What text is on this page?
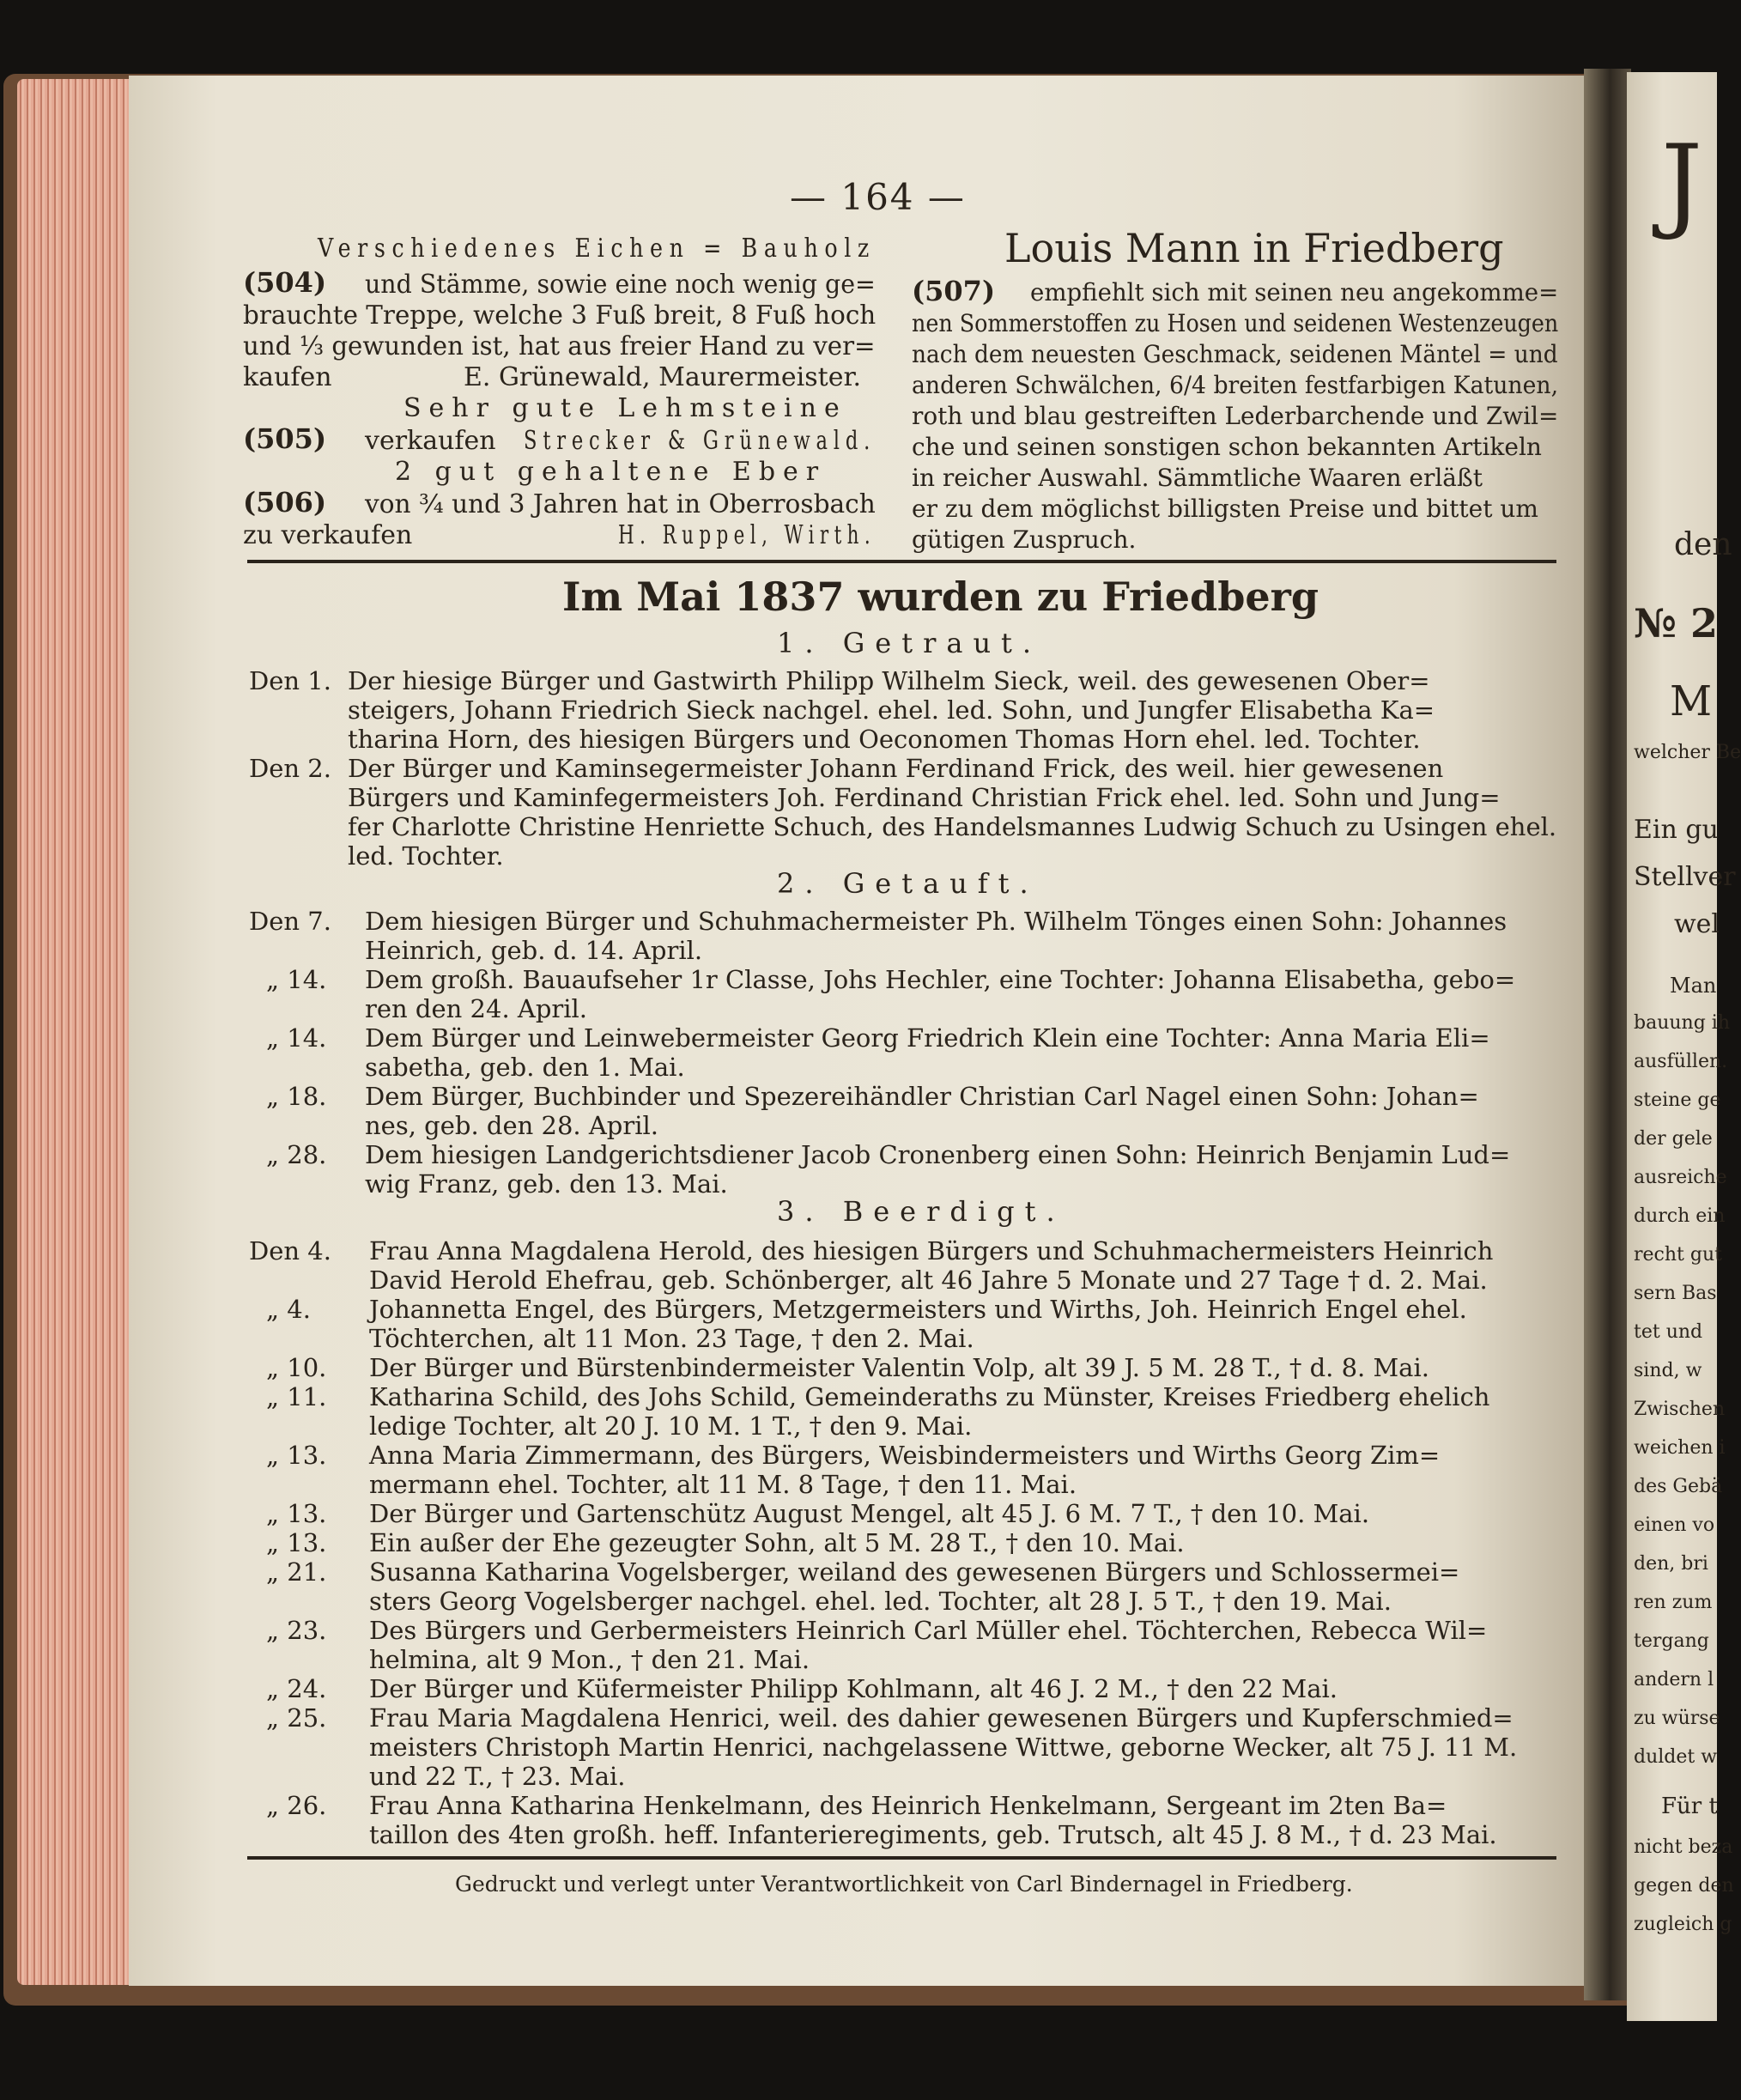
J
den
№ 2
M
welcher Be
Ein gu
Stellver
wel
Man
bauung ih
ausfüllen.
steine ge
der gele
ausreiche
durch ein
recht gut
sern Bas
tet und
sind, w
Zwischen
weichen i
des Gebä
einen vo
den, bri
ren zum
tergang
andern l
zu würse
duldet w
Für t
nicht beza
gegen den
zugleich g
— 164 —
Verschiedenes Eichen = Bauholz
(504) und Stämme, sowie eine noch wenig ge=
brauchte Treppe, welche 3 Fuß breit, 8 Fuß hoch
und ⅓ gewunden ist, hat aus freier Hand zu ver=
kaufen	E. Grünewald, Maurermeister.
Sehr gute Lehmsteine
(505) verkaufen Strecker & Grünewald.
2 gut gehaltene Eber
(506) von ¾ und 3 Jahren hat in Oberrosbach
zu verkaufen	H. Ruppel, Wirth.
Louis Mann in Friedberg
(507) empfiehlt sich mit seinen neu angekomme=
nen Sommerstoffen zu Hosen und seidenen Westenzeugen
nach dem neuesten Geschmack, seidenen Mäntel = und
anderen Schwälchen, 6/4 breiten festfarbigen Katunen,
roth und blau gestreiften Lederbarchende und Zwil=
che und seinen sonstigen schon bekannten Artikeln
in reicher Auswahl. Sämmtliche Waaren erläßt
er zu dem möglichst billigsten Preise und bittet um
gütigen Zuspruch.
Im Mai 1837 wurden zu Friedberg
1. Getraut.
Den 1. Der hiesige Bürger und Gastwirth Philipp Wilhelm Sieck, weil. des gewesenen Ober=
steigers, Johann Friedrich Sieck nachgel. ehel. led. Sohn, und Jungfer Elisabetha Ka=
tharina Horn, des hiesigen Bürgers und Oeconomen Thomas Horn ehel. led. Tochter.
Den 2. Der Bürger und Kaminsegermeister Johann Ferdinand Frick, des weil. hier gewesenen
Bürgers und Kaminfegermeisters Joh. Ferdinand Christian Frick ehel. led. Sohn und Jung=
fer Charlotte Christine Henriette Schuch, des Handelsmannes Ludwig Schuch zu Usingen ehel.
led. Tochter.
2. Getauft.
Den 7. Dem hiesigen Bürger und Schuhmachermeister Ph. Wilhelm Tönges einen Sohn: Johannes
Heinrich, geb. d. 14. April.
„ 14. Dem großh. Bauaufseher 1r Classe, Johs Hechler, eine Tochter: Johanna Elisabetha, gebo=
ren den 24. April.
„ 14. Dem Bürger und Leinwebermeister Georg Friedrich Klein eine Tochter: Anna Maria Eli=
sabetha, geb. den 1. Mai.
„ 18. Dem Bürger, Buchbinder und Spezereihändler Christian Carl Nagel einen Sohn: Johan=
nes, geb. den 28. April.
„ 28. Dem hiesigen Landgerichtsdiener Jacob Cronenberg einen Sohn: Heinrich Benjamin Lud=
wig Franz, geb. den 13. Mai.
3. Beerdigt.
Den 4. Frau Anna Magdalena Herold, des hiesigen Bürgers und Schuhmachermeisters Heinrich
David Herold Ehefrau, geb. Schönberger, alt 46 Jahre 5 Monate und 27 Tage † d. 2. Mai.
„ 4. Johannetta Engel, des Bürgers, Metzgermeisters und Wirths, Joh. Heinrich Engel ehel.
Töchterchen, alt 11 Mon. 23 Tage, † den 2. Mai.
„ 10. Der Bürger und Bürstenbindermeister Valentin Volp, alt 39 J. 5 M. 28 T., † d. 8. Mai.
„ 11. Katharina Schild, des Johs Schild, Gemeinderaths zu Münster, Kreises Friedberg ehelich
ledige Tochter, alt 20 J. 10 M. 1 T., † den 9. Mai.
„ 13. Anna Maria Zimmermann, des Bürgers, Weisbindermeisters und Wirths Georg Zim=
mermann ehel. Tochter, alt 11 M. 8 Tage, † den 11. Mai.
„ 13. Der Bürger und Gartenschütz August Mengel, alt 45 J. 6 M. 7 T., † den 10. Mai.
„ 13. Ein außer der Ehe gezeugter Sohn, alt 5 M. 28 T., † den 10. Mai.
„ 21. Susanna Katharina Vogelsberger, weiland des gewesenen Bürgers und Schlossermei=
sters Georg Vogelsberger nachgel. ehel. led. Tochter, alt 28 J. 5 T., † den 19. Mai.
„ 23. Des Bürgers und Gerbermeisters Heinrich Carl Müller ehel. Töchterchen, Rebecca Wil=
helmina, alt 9 Mon., † den 21. Mai.
„ 24. Der Bürger und Küfermeister Philipp Kohlmann, alt 46 J. 2 M., † den 22 Mai.
„ 25. Frau Maria Magdalena Henrici, weil. des dahier gewesenen Bürgers und Kupferschmied=
meisters Christoph Martin Henrici, nachgelassene Wittwe, geborne Wecker, alt 75 J. 11 M.
und 22 T., † 23. Mai.
„ 26. Frau Anna Katharina Henkelmann, des Heinrich Henkelmann, Sergeant im 2ten Ba=
taillon des 4ten großh. heff. Infanterieregiments, geb. Trutsch, alt 45 J. 8 M., † d. 23 Mai.
Gedruckt und verlegt unter Verantwortlichkeit von Carl Bindernagel in Friedberg.
